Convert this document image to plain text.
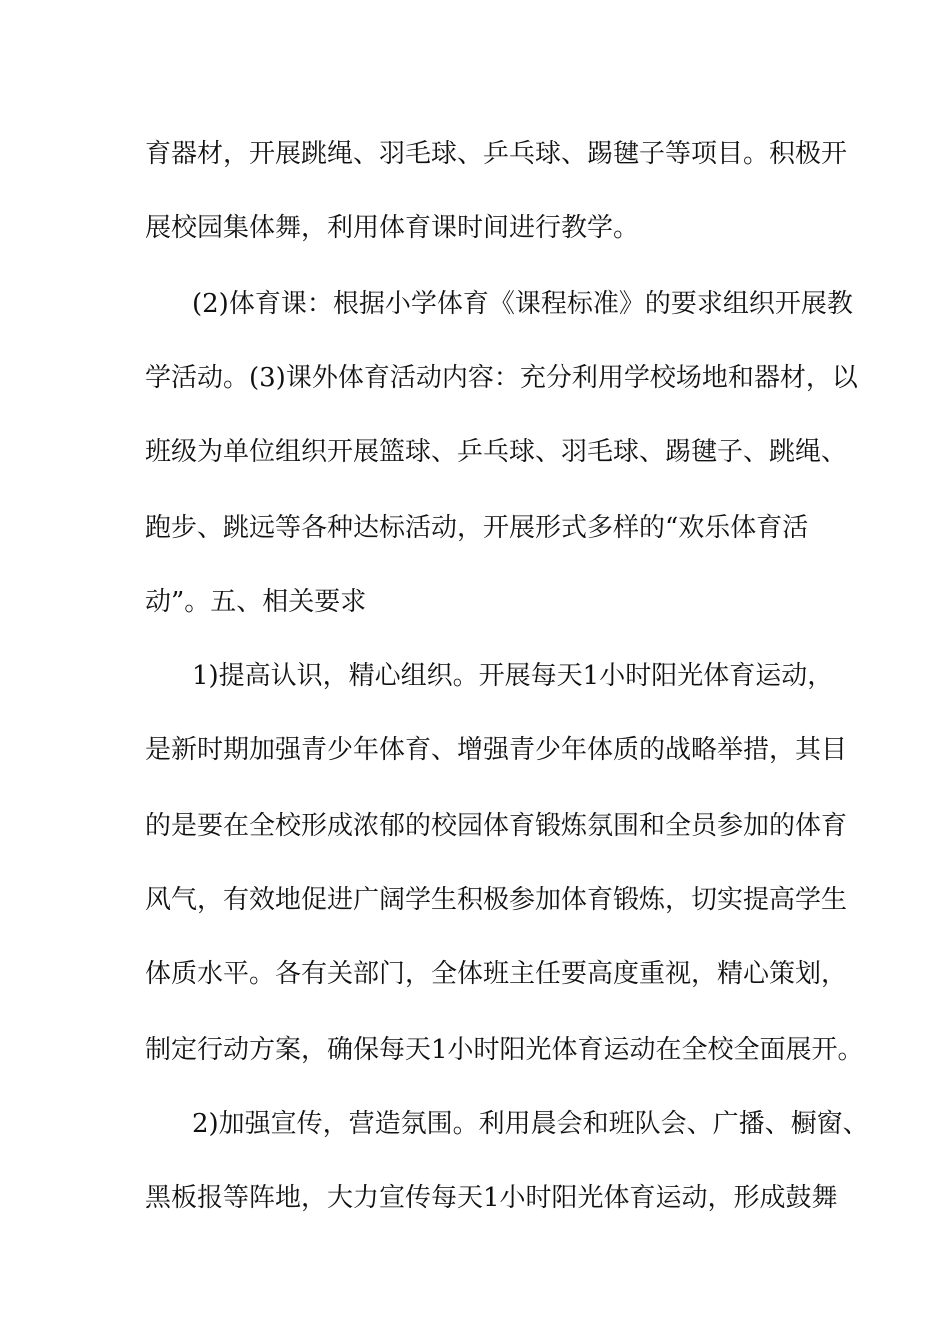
育器材，开展跳绳、羽毛球、乒乓球、踢毽子等项目。积极开
展校园集体舞，利用体育课时间进行教学。
(2)体育课：根据小学体育《课程标准》的要求组织开展教
学活动。(3)课外体育活动内容：充分利用学校场地和器材，以
班级为单位组织开展篮球、乒乓球、羽毛球、踢毽子、跳绳、
跑步、跳远等各种达标活动，开展形式多样的“欢乐体育活
动”。五、相关要求
1)提高认识，精心组织。开展每天1小时阳光体育运动，
是新时期加强青少年体育、增强青少年体质的战略举措，其目
的是要在全校形成浓郁的校园体育锻炼氛围和全员参加的体育
风气，有效地促进广阔学生积极参加体育锻炼，切实提高学生
体质水平。各有关部门，全体班主任要高度重视，精心策划，
制定行动方案，确保每天1小时阳光体育运动在全校全面展开。
2)加强宣传，营造氛围。利用晨会和班队会、广播、橱窗、
黑板报等阵地，大力宣传每天1小时阳光体育运动，形成鼓舞
